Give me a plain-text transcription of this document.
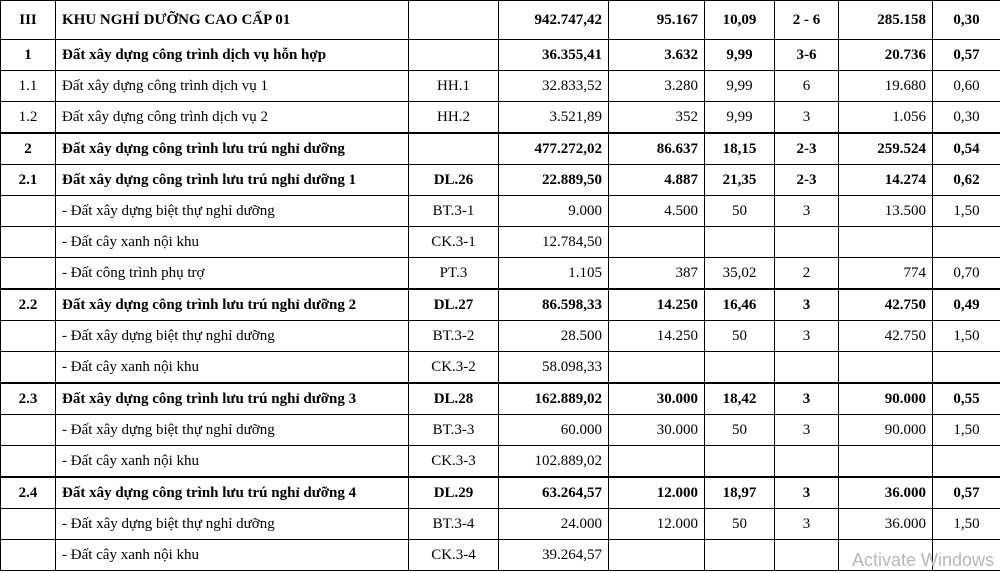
III	KHU NGHỈ DƯỠNG CAO CẤP 01		942.747,42	95.167	10,09	2 - 6	285.158	0,30
1	Đất xây dựng công trình dịch vụ hỗn hợp		36.355,41	3.632	9,99	3-6	20.736	0,57
1.1	Đất xây dựng công trình dịch vụ 1	HH.1	32.833,52	3.280	9,99	6	19.680	0,60
1.2	Đất xây dựng công trình dịch vụ 2	HH.2	3.521,89	352	9,99	3	1.056	0,30
2	Đất xây dựng công trình lưu trú nghỉ dưỡng		477.272,02	86.637	18,15	2-3	259.524	0,54
2.1	Đất xây dựng công trình lưu trú nghỉ dưỡng 1	DL.26	22.889,50	4.887	21,35	2-3	14.274	0,62
	- Đất xây dựng biệt thự nghỉ dưỡng	BT.3-1	9.000	4.500	50	3	13.500	1,50
	- Đất cây xanh nội khu	CK.3-1	12.784,50					
	- Đất công trình phụ trợ	PT.3	1.105	387	35,02	2	774	0,70
2.2	Đất xây dựng công trình lưu trú nghỉ dưỡng 2	DL.27	86.598,33	14.250	16,46	3	42.750	0,49
	- Đất xây dựng biệt thự nghỉ dưỡng	BT.3-2	28.500	14.250	50	3	42.750	1,50
	- Đất cây xanh nội khu	CK.3-2	58.098,33					
2.3	Đất xây dựng công trình lưu trú nghỉ dưỡng 3	DL.28	162.889,02	30.000	18,42	3	90.000	0,55
	- Đất xây dựng biệt thự nghỉ dưỡng	BT.3-3	60.000	30.000	50	3	90.000	1,50
	- Đất cây xanh nội khu	CK.3-3	102.889,02					
2.4	Đất xây dựng công trình lưu trú nghỉ dưỡng 4	DL.29	63.264,57	12.000	18,97	3	36.000	0,57
	- Đất xây dựng biệt thự nghỉ dưỡng	BT.3-4	24.000	12.000	50	3	36.000	1,50
	- Đất cây xanh nội khu	CK.3-4	39.264,57						Activate Windows
